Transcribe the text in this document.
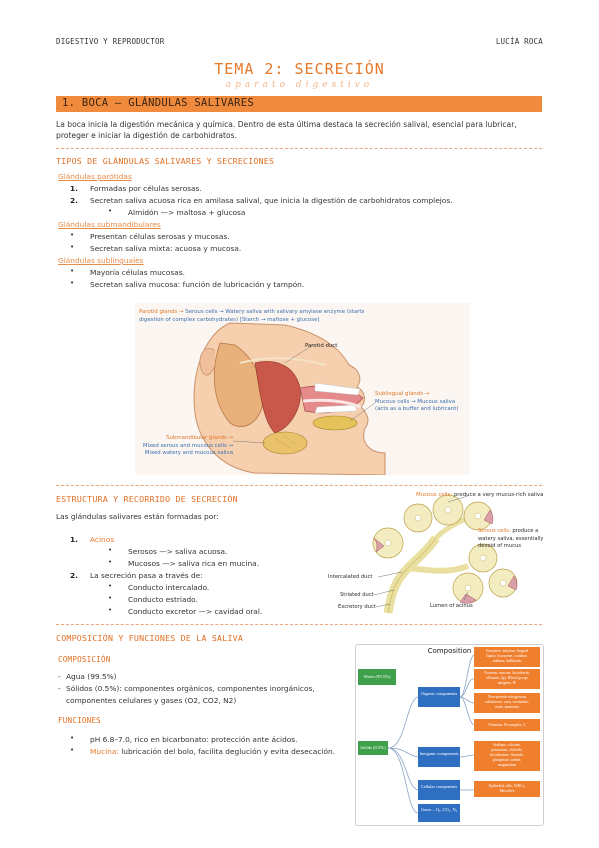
DIGESTIVO Y REPRODUCTOR	LUCÍA ROCA
TEMA 2: SECRECIÓN
aparato digestivo
1. BOCA – GLÁNDULAS SALIVARES
La boca inicia la digestión mecánica y química. Dentro de esta última destaca la secreción salival, esencial para lubricar,
proteger e iniciar la digestión de carbohidratos.
TIPOS DE GLÁNDULAS SALIVARES Y SECRECIONES
Glándulas parótidas
1. Formadas por células serosas.
2. Secretan saliva acuosa rica en amilasa salival, que inicia la digestión de carbohidratos complejos.
• Almidón —> maltosa + glucosa
Glándulas submandibulares
• Presentan células serosas y mucosas.
• Secretan saliva mixta: acuosa y mucosa.
Glándulas sublinguales
• Mayoría células mucosas.
• Secretan saliva mucosa: función de lubricación y tampón.
Parotid glands → Serous cells → Watery saliva with salivary amylase enzyme (starts
digestion of complex carbohydrates) [Starch → maltose + glucose]
Parotid duct
Sublingual glands →
Mucous cells → Mucous saliva
(acts as a buffer and lubricant)
Submandibular glands →
Mixed serous and mucous cells →
Mixed watery and mucous saliva
ESTRUCTURA Y RECORRIDO DE SECRECIÓN
Las glándulas salivares están formadas por:
1. Acinos
• Serosos —> saliva acuosa.
• Mucosos —> saliva rica en mucina.
2. La secreción pasa a través de:
• Conducto intercalado.
• Conducto estriado.
• Conducto excretor —> cavidad oral.
Mucous cells: produce a very mucus-rich saliva
Serous cells: produce a
watery saliva, essentially
devoid of mucus
Intercalated duct
Striated duct
Excretory duct	Lumen of acinus
COMPOSICIÓN Y FUNCIONES DE LA SALIVA
COMPOSICIÓN
- Agua (99.5%)
- Sólidos (0.5%): componentes orgánicos, componentes inorgánicos,
componentes celulares y gases (O2, CO2, N2)
FUNCIONES
• pH 6.8–7.0, rico en bicarbonato: protección ante ácidos.
• Mucina: lubricación del bolo, facilita deglución y evita desecación.
Composition
Water (99.5%)
Solids (0.5%)
Organic components
Inorganic components
Cellular components
Gases – O₂, CO₂, N₂
Enzymes: amylase, lingual
lipase, lysozyme, catalase,
maltase, kallikrein
Proteins: mucins, lactoferrin,
albumin, Igs, Blood group
antigens, IF
Non-protein nitrogenous
substances: urea, creatinine,
urate, ammonia
Vitamins: B-complex, C
Sodium, calcium,
potassium, chloride,
bicarbonate, fluoride,
phosphate, iodine,
magnesium
Epithelial cells, WBCs,
Microbes
